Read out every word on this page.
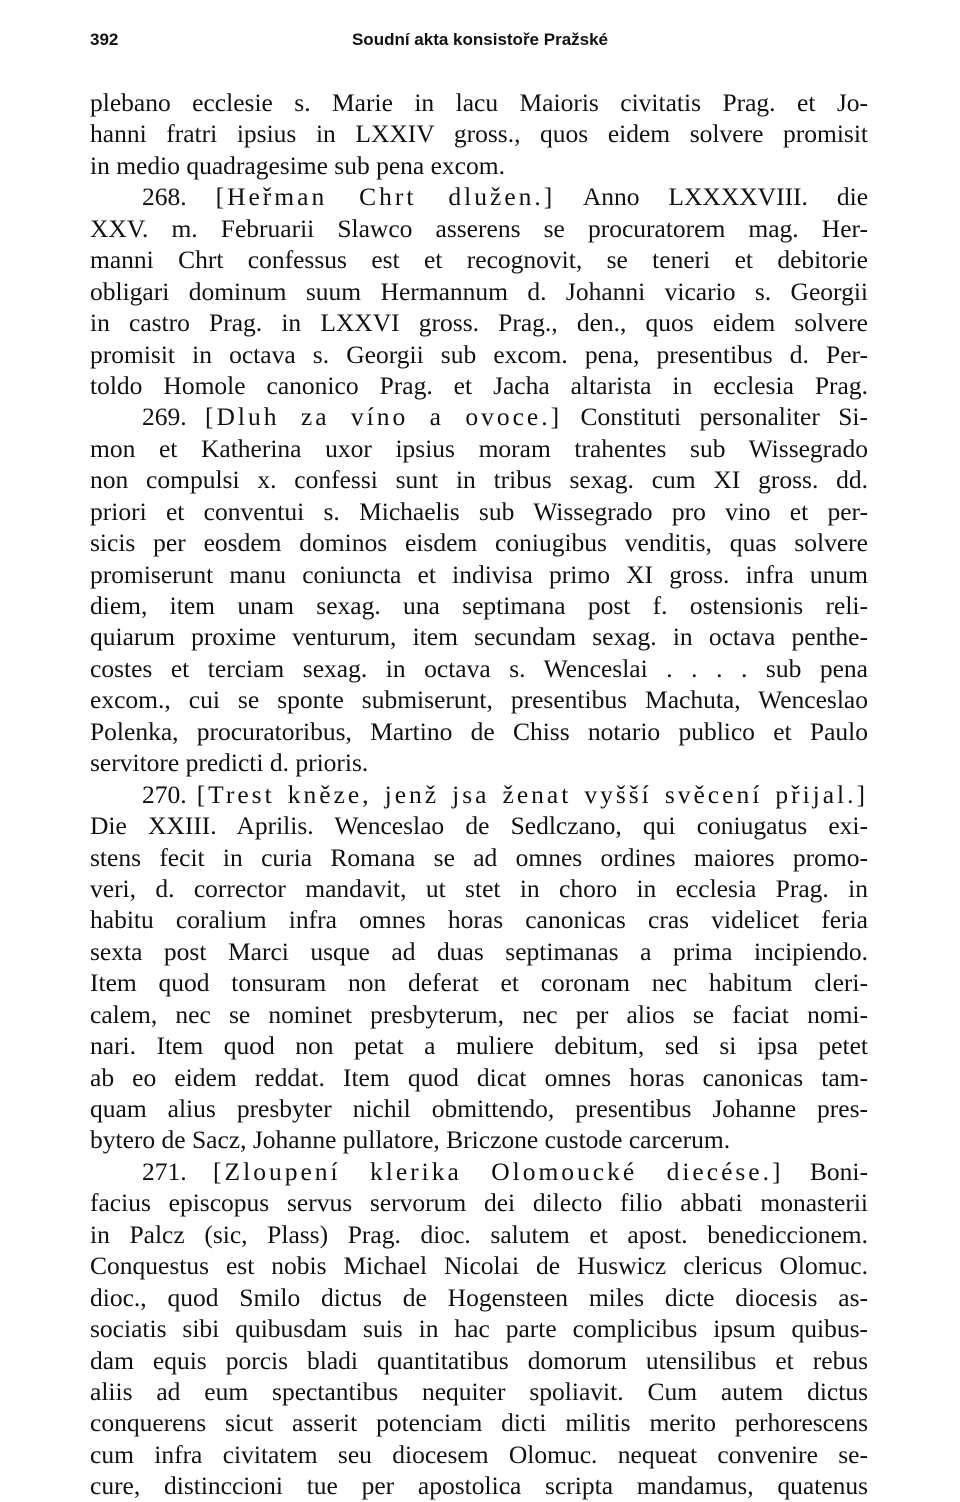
392	Soudní akta konsistoře Pražské
plebano ecclesie s. Marie in lacu Maioris civitatis Prag. et Jo-
hanni fratri ipsius in LXXIV gross., quos eidem solvere promisit
in medio quadragesime sub pena excom.
268. [Heřman Chrt dlužen.] Anno LXXXXVIII. die
XXV. m. Februarii Slawco asserens se procuratorem mag. Her-
manni Chrt confessus est et recognovit, se teneri et debitorie
obligari dominum suum Hermannum d. Johanni vicario s. Georgii
in castro Prag. in LXXVI gross. Prag., den., quos eidem solvere
promisit in octava s. Georgii sub excom. pena, presentibus d. Per-
toldo Homole canonico Prag. et Jacha altarista in ecclesia Prag.
269. [Dluh za víno a ovoce.] Constituti personaliter Si-
mon et Katherina uxor ipsius moram trahentes sub Wissegrado
non compulsi x. confessi sunt in tribus sexag. cum XI gross. dd.
priori et conventui s. Michaelis sub Wissegrado pro vino et per-
sicis per eosdem dominos eisdem coniugibus venditis, quas solvere
promiserunt manu coniuncta et indivisa primo XI gross. infra unum
diem, item unam sexag. una septimana post f. ostensionis reli-
quiarum proxime venturum, item secundam sexag. in octava penthe-
costes et terciam sexag. in octava s. Wenceslai . . . . sub pena
excom., cui se sponte submiserunt, presentibus Machuta, Wenceslao
Polenka, procuratoribus, Martino de Chiss notario publico et Paulo
servitore predicti d. prioris.
270. [Trest kněze, jenž jsa ženat vyšší svěcení přijal.]
Die XXIII. Aprilis. Wenceslao de Sedlczano, qui coniugatus exi-
stens fecit in curia Romana se ad omnes ordines maiores promo-
veri, d. corrector mandavit, ut stet in choro in ecclesia Prag. in
habitu coralium infra omnes horas canonicas cras videlicet feria
sexta post Marci usque ad duas septimanas a prima incipiendo.
Item quod tonsuram non deferat et coronam nec habitum cleri-
calem, nec se nominet presbyterum, nec per alios se faciat nomi-
nari. Item quod non petat a muliere debitum, sed si ipsa petet
ab eo eidem reddat. Item quod dicat omnes horas canonicas tam-
quam alius presbyter nichil obmittendo, presentibus Johanne pres-
bytero de Sacz, Johanne pullatore, Briczone custode carcerum.
271. [Zloupení klerika Olomoucké diecése.] Boni-
facius episcopus servus servorum dei dilecto filio abbati monasterii
in Palcz (sic, Plass) Prag. dioc. salutem et apost. benediccionem.
Conquestus est nobis Michael Nicolai de Huswicz clericus Olomuc.
dioc., quod Smilo dictus de Hogensteen miles dicte diocesis as-
sociatis sibi quibusdam suis in hac parte complicibus ipsum quibus-
dam equis porcis bladi quantitatibus domorum utensilibus et rebus
aliis ad eum spectantibus nequiter spoliavit. Cum autem dictus
conquerens sicut asserit potenciam dicti militis merito perhorescens
cum infra civitatem seu diocesem Olomuc. nequeat convenire se-
cure, distinccioni tue per apostolica scripta mandamus, quatenus
